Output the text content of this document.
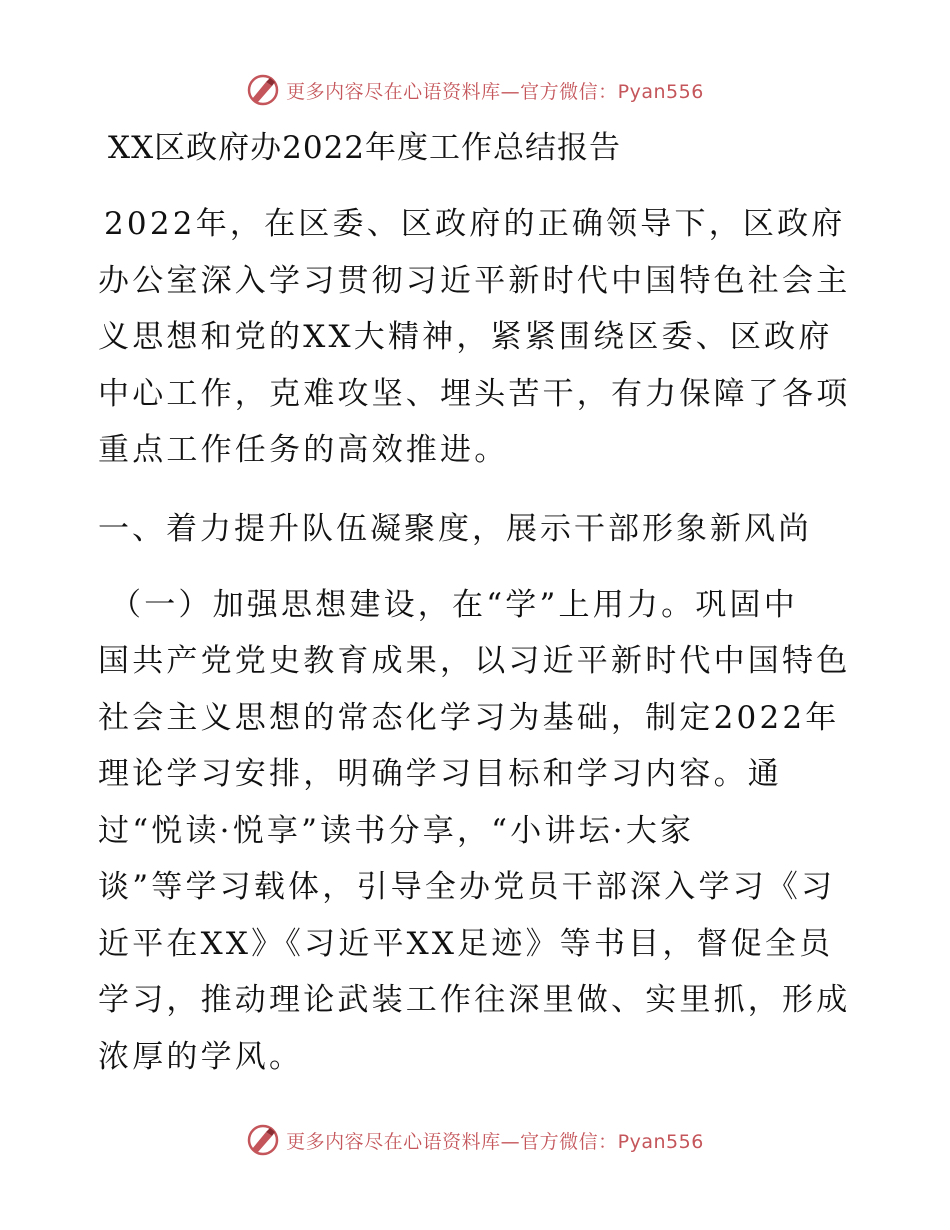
更多内容尽在心语资料库—官方微信：Pyan556
XX区政府办2022年度工作总结报告

2022年，在区委、区政府的正确领导下，区政府
办公室深入学习贯彻习近平新时代中国特色社会主
义思想和党的XX大精神，紧紧围绕区委、区政府
中心工作，克难攻坚、埋头苦干，有力保障了各项
重点工作任务的高效推进。

一、着力提升队伍凝聚度，展示干部形象新风尚

（一）加强思想建设，在“学”上用力。巩固中
国共产党党史教育成果，以习近平新时代中国特色
社会主义思想的常态化学习为基础，制定2022年
理论学习安排，明确学习目标和学习内容。通
过“悦读·悦享”读书分享，“小讲坛·大家
谈”等学习载体，引导全办党员干部深入学习《习
近平在XX》《习近平XX足迹》等书目，督促全员
学习，推动理论武装工作往深里做、实里抓，形成
浓厚的学风。

更多内容尽在心语资料库—官方微信：Pyan556
